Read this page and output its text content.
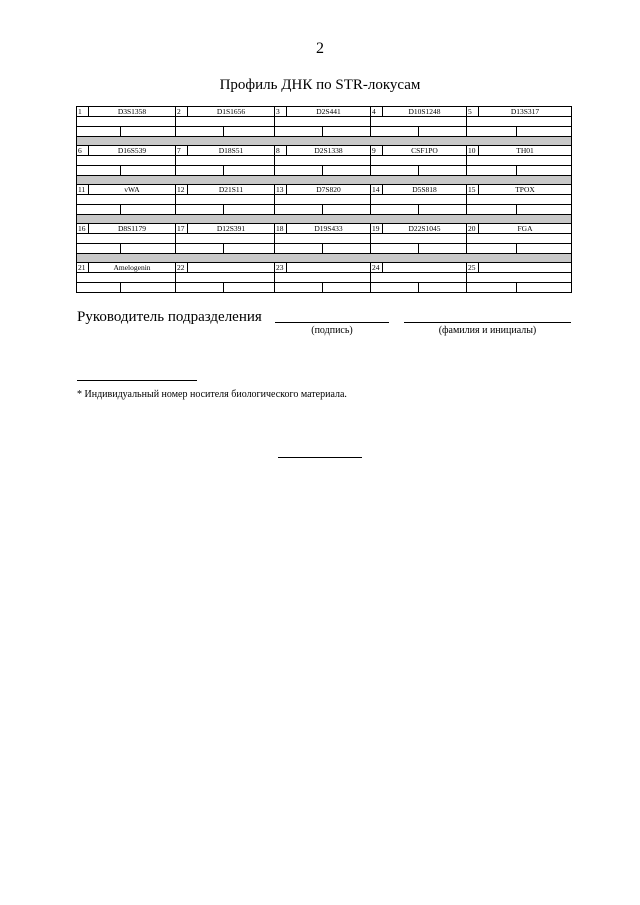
2
Профиль ДНК по STR-локусам
1	D3S1358		2	D1S1656		3	D2S441		4	D10S1248		5	D13S317	

6	D16S539		7	D18S51		8	D2S1338		9	CSF1PO		10	TH01	

11	vWA		12	D21S11		13	D7S820		14	D5S818		15	TPOX	

16	D8S1179		17	D12S391		18	D19S433		19	D22S1045		20	FGA	

21	Amelogenin		22			23			24			25		

Руководитель подразделения
(подпись)	(фамилия и инициалы)
* Индивидуальный номер носителя биологического материала.
